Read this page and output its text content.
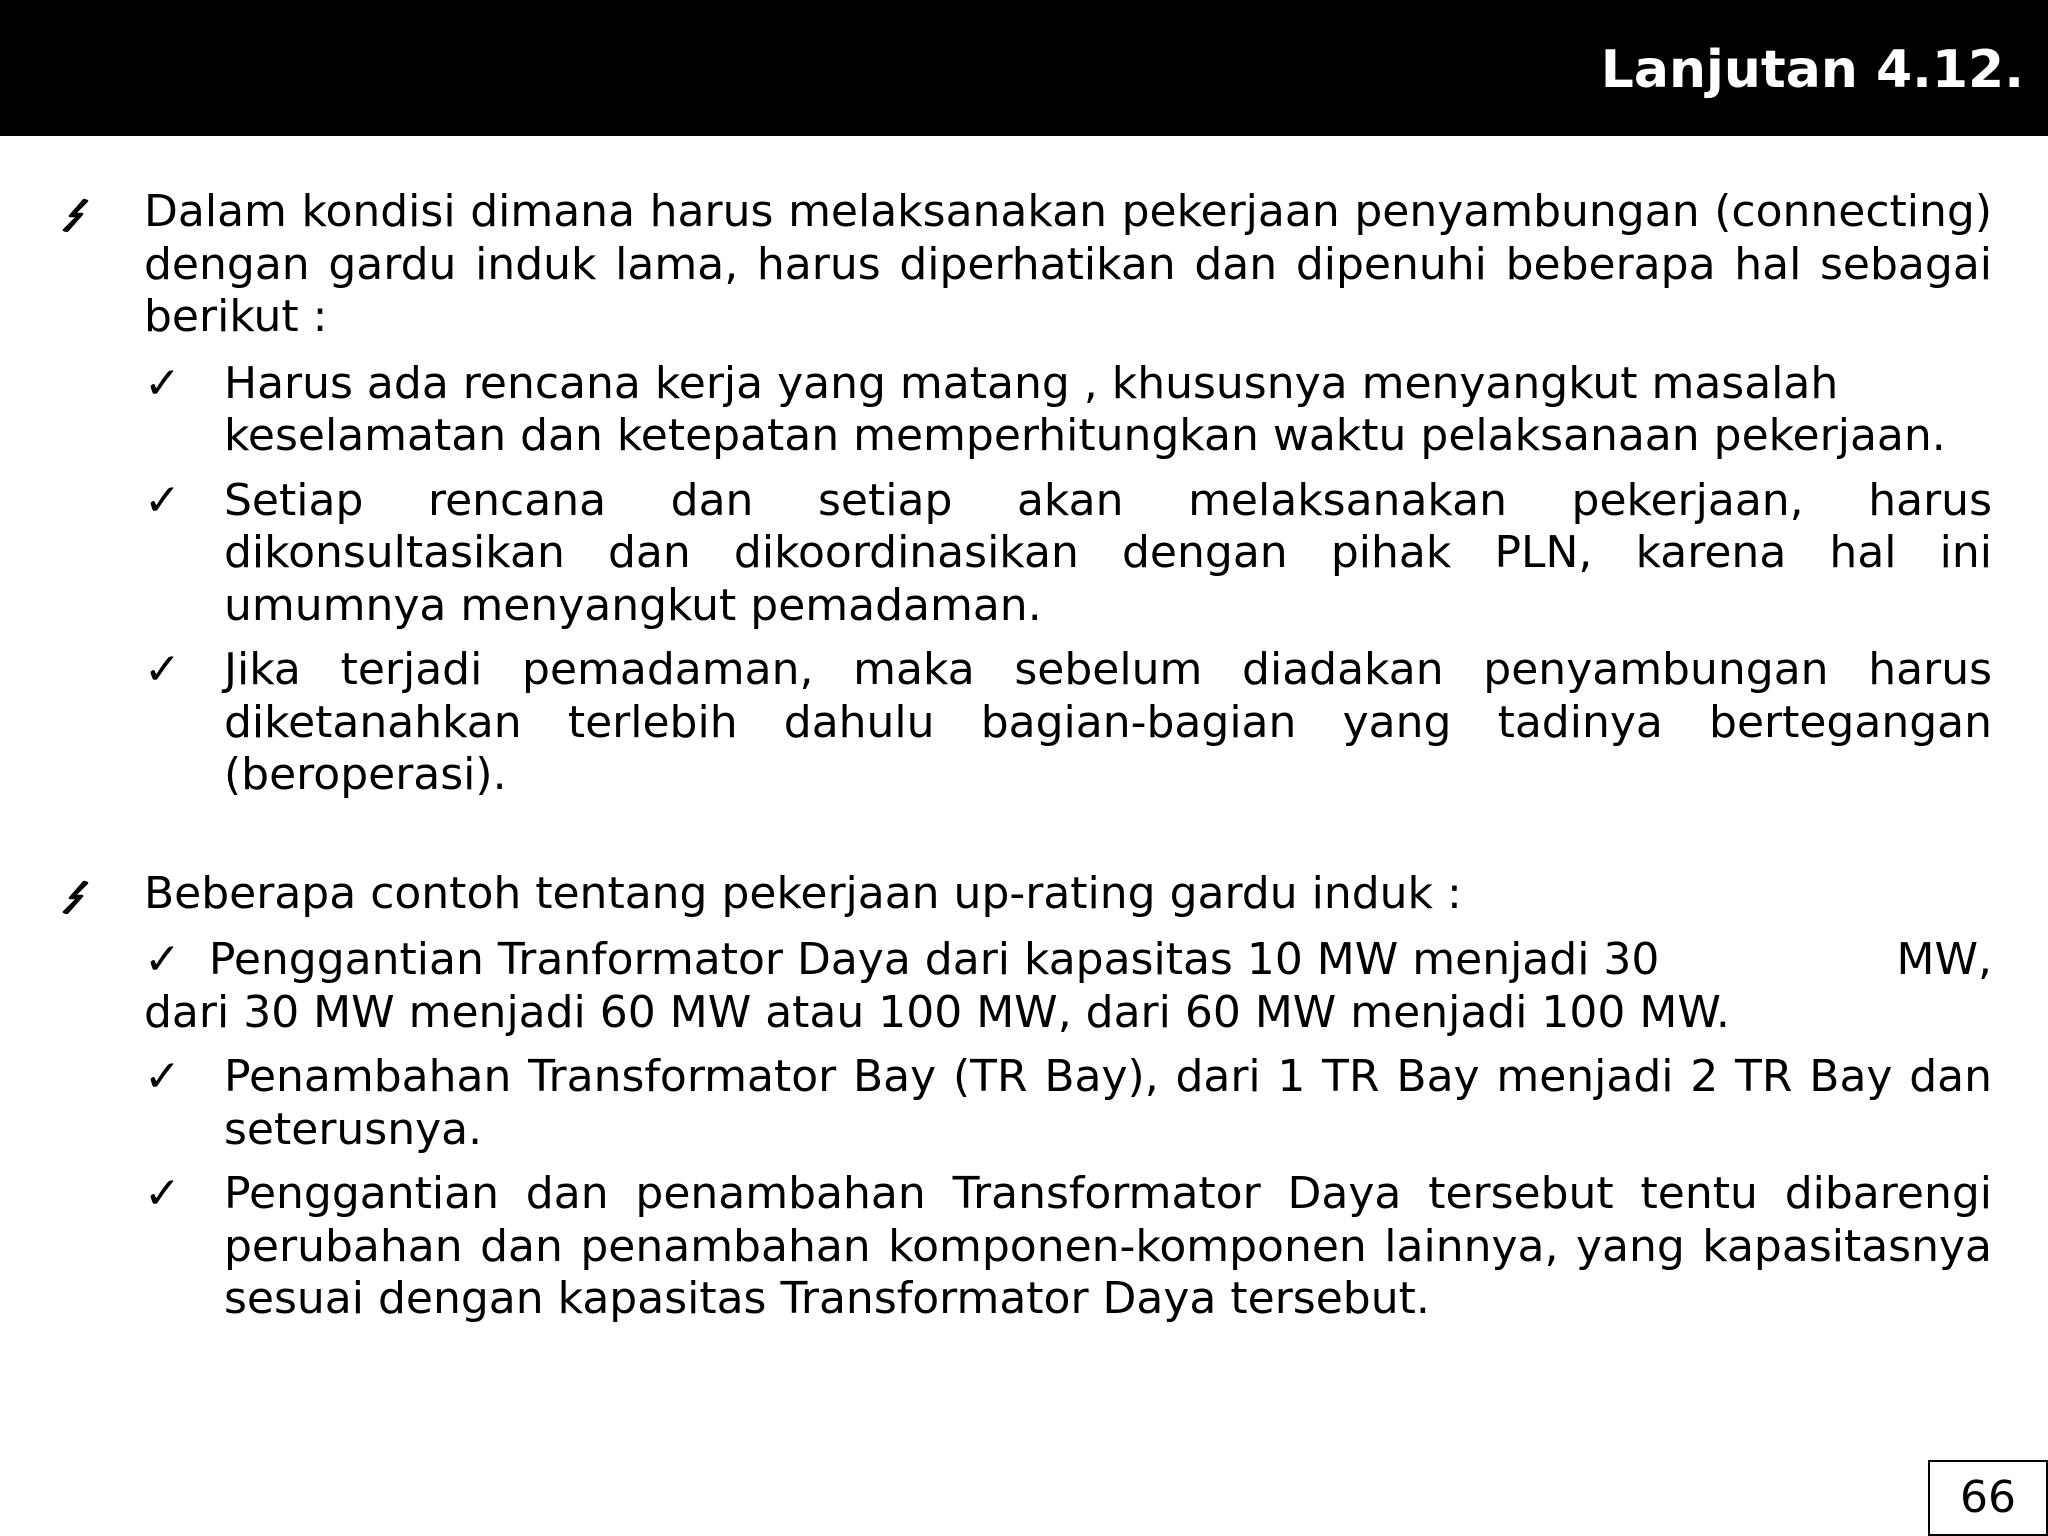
Lanjutan 4.12.
Dalam kondisi dimana harus melaksanakan pekerjaan penyambungan (connecting) dengan gardu induk lama, harus diperhatikan dan dipenuhi beberapa hal sebagai berikut :
✓ Harus ada rencana kerja yang matang , khususnya menyangkut masalah keselamatan dan ketepatan memperhitungkan waktu pelaksanaan pekerjaan.
✓ Setiap rencana dan setiap akan melaksanakan pekerjaan, harus dikonsultasikan dan dikoordinasikan dengan pihak PLN, karena hal ini umumnya menyangkut pemadaman.
✓ Jika terjadi pemadaman, maka sebelum diadakan penyambungan harus diketanahkan terlebih dahulu bagian-bagian yang tadinya bertegangan (beroperasi).
Beberapa contoh tentang pekerjaan up-rating gardu induk :
✓ Penggantian Tranformator Daya dari kapasitas 10 MW menjadi 30	MW,
dari 30 MW menjadi 60 MW atau 100 MW, dari 60 MW menjadi 100 MW.
✓ Penambahan Transformator Bay (TR Bay), dari 1 TR Bay menjadi 2 TR Bay dan seterusnya.
✓ Penggantian dan penambahan Transformator Daya tersebut tentu dibarengi perubahan dan penambahan komponen-komponen lainnya, yang kapasitasnya sesuai dengan kapasitas Transformator Daya tersebut.
66
